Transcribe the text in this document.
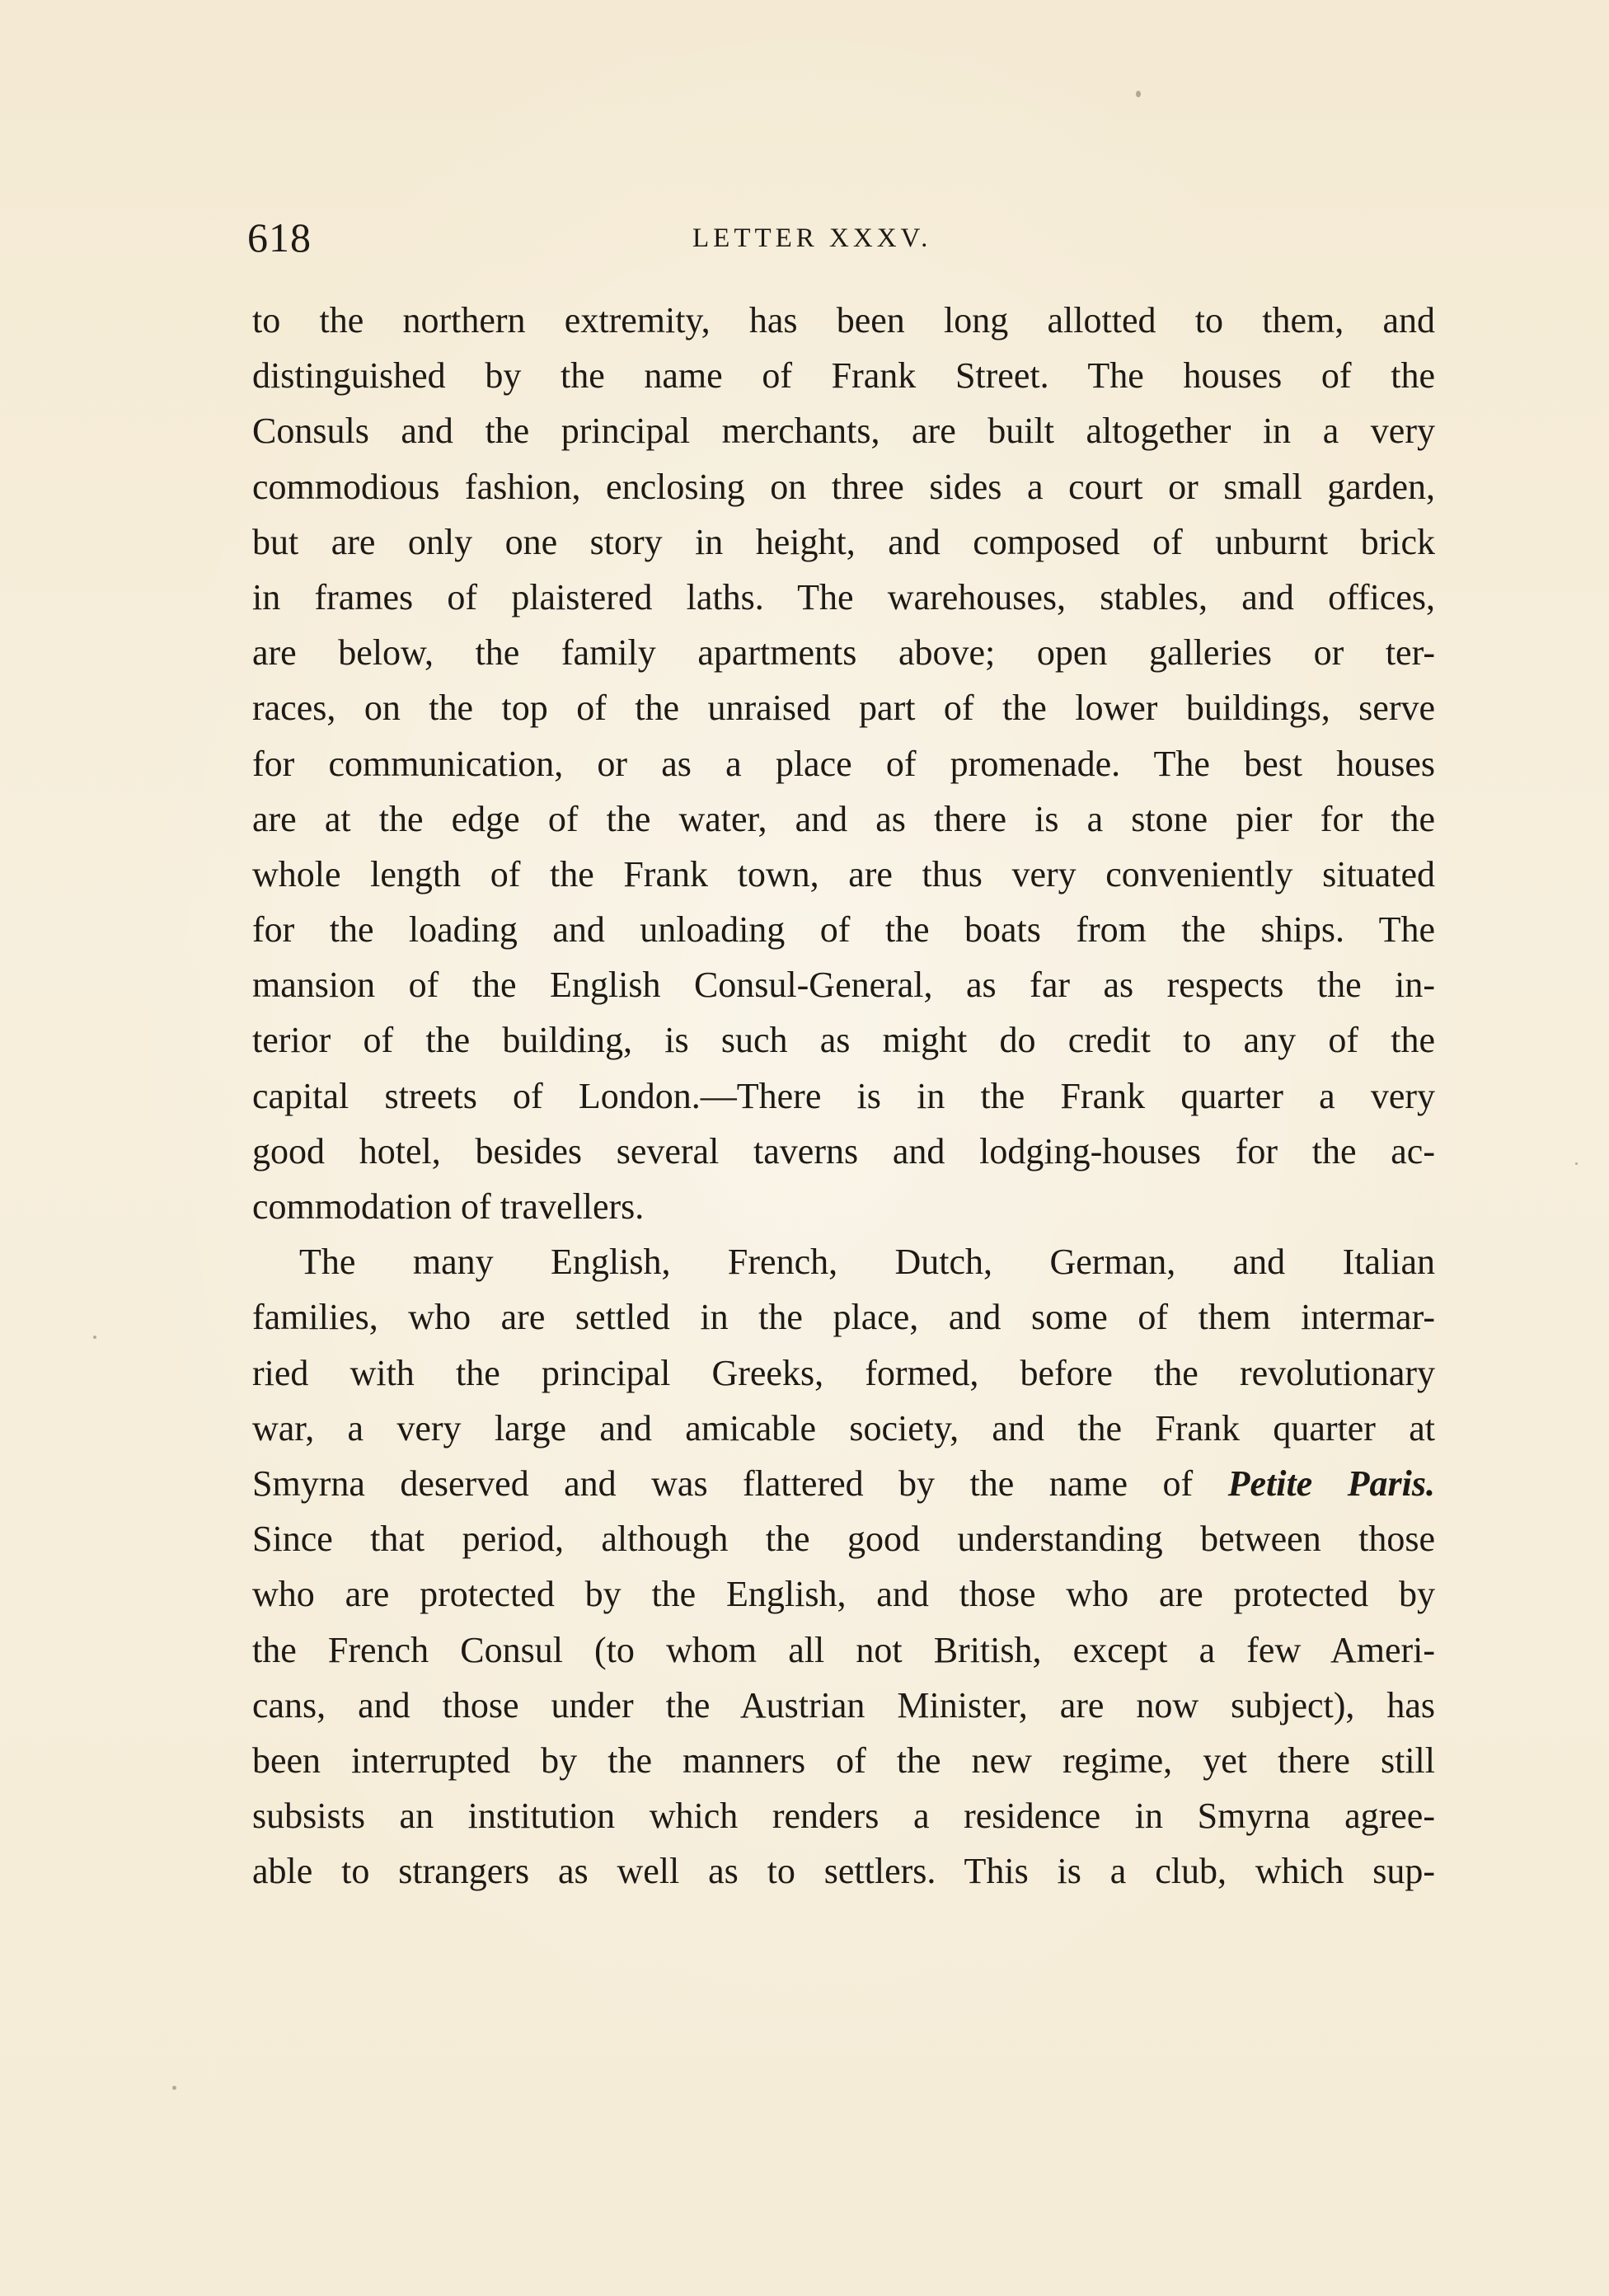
618	LETTER XXXV.
to the northern extremity, has been long allotted to them, and
distinguished by the name of Frank Street. The houses of the
Consuls and the principal merchants, are built altogether in a very
commodious fashion, enclosing on three sides a court or small garden,
but are only one story in height, and composed of unburnt brick
in frames of plaistered laths. The warehouses, stables, and offices,
are below, the family apartments above; open galleries or ter-
races, on the top of the unraised part of the lower buildings, serve
for communication, or as a place of promenade. The best houses
are at the edge of the water, and as there is a stone pier for the
whole length of the Frank town, are thus very conveniently situated
for the loading and unloading of the boats from the ships. The
mansion of the English Consul-General, as far as respects the in-
terior of the building, is such as might do credit to any of the
capital streets of London.—There is in the Frank quarter a very
good hotel, besides several taverns and lodging-houses for the ac-
commodation of travellers.
The many English, French, Dutch, German, and Italian
families, who are settled in the place, and some of them intermar-
ried with the principal Greeks, formed, before the revolutionary
war, a very large and amicable society, and the Frank quarter at
Smyrna deserved and was flattered by the name of Petite Paris.
Since that period, although the good understanding between those
who are protected by the English, and those who are protected by
the French Consul (to whom all not British, except a few Ameri-
cans, and those under the Austrian Minister, are now subject), has
been interrupted by the manners of the new regime, yet there still
subsists an institution which renders a residence in Smyrna agree-
able to strangers as well as to settlers. This is a club, which sup-
